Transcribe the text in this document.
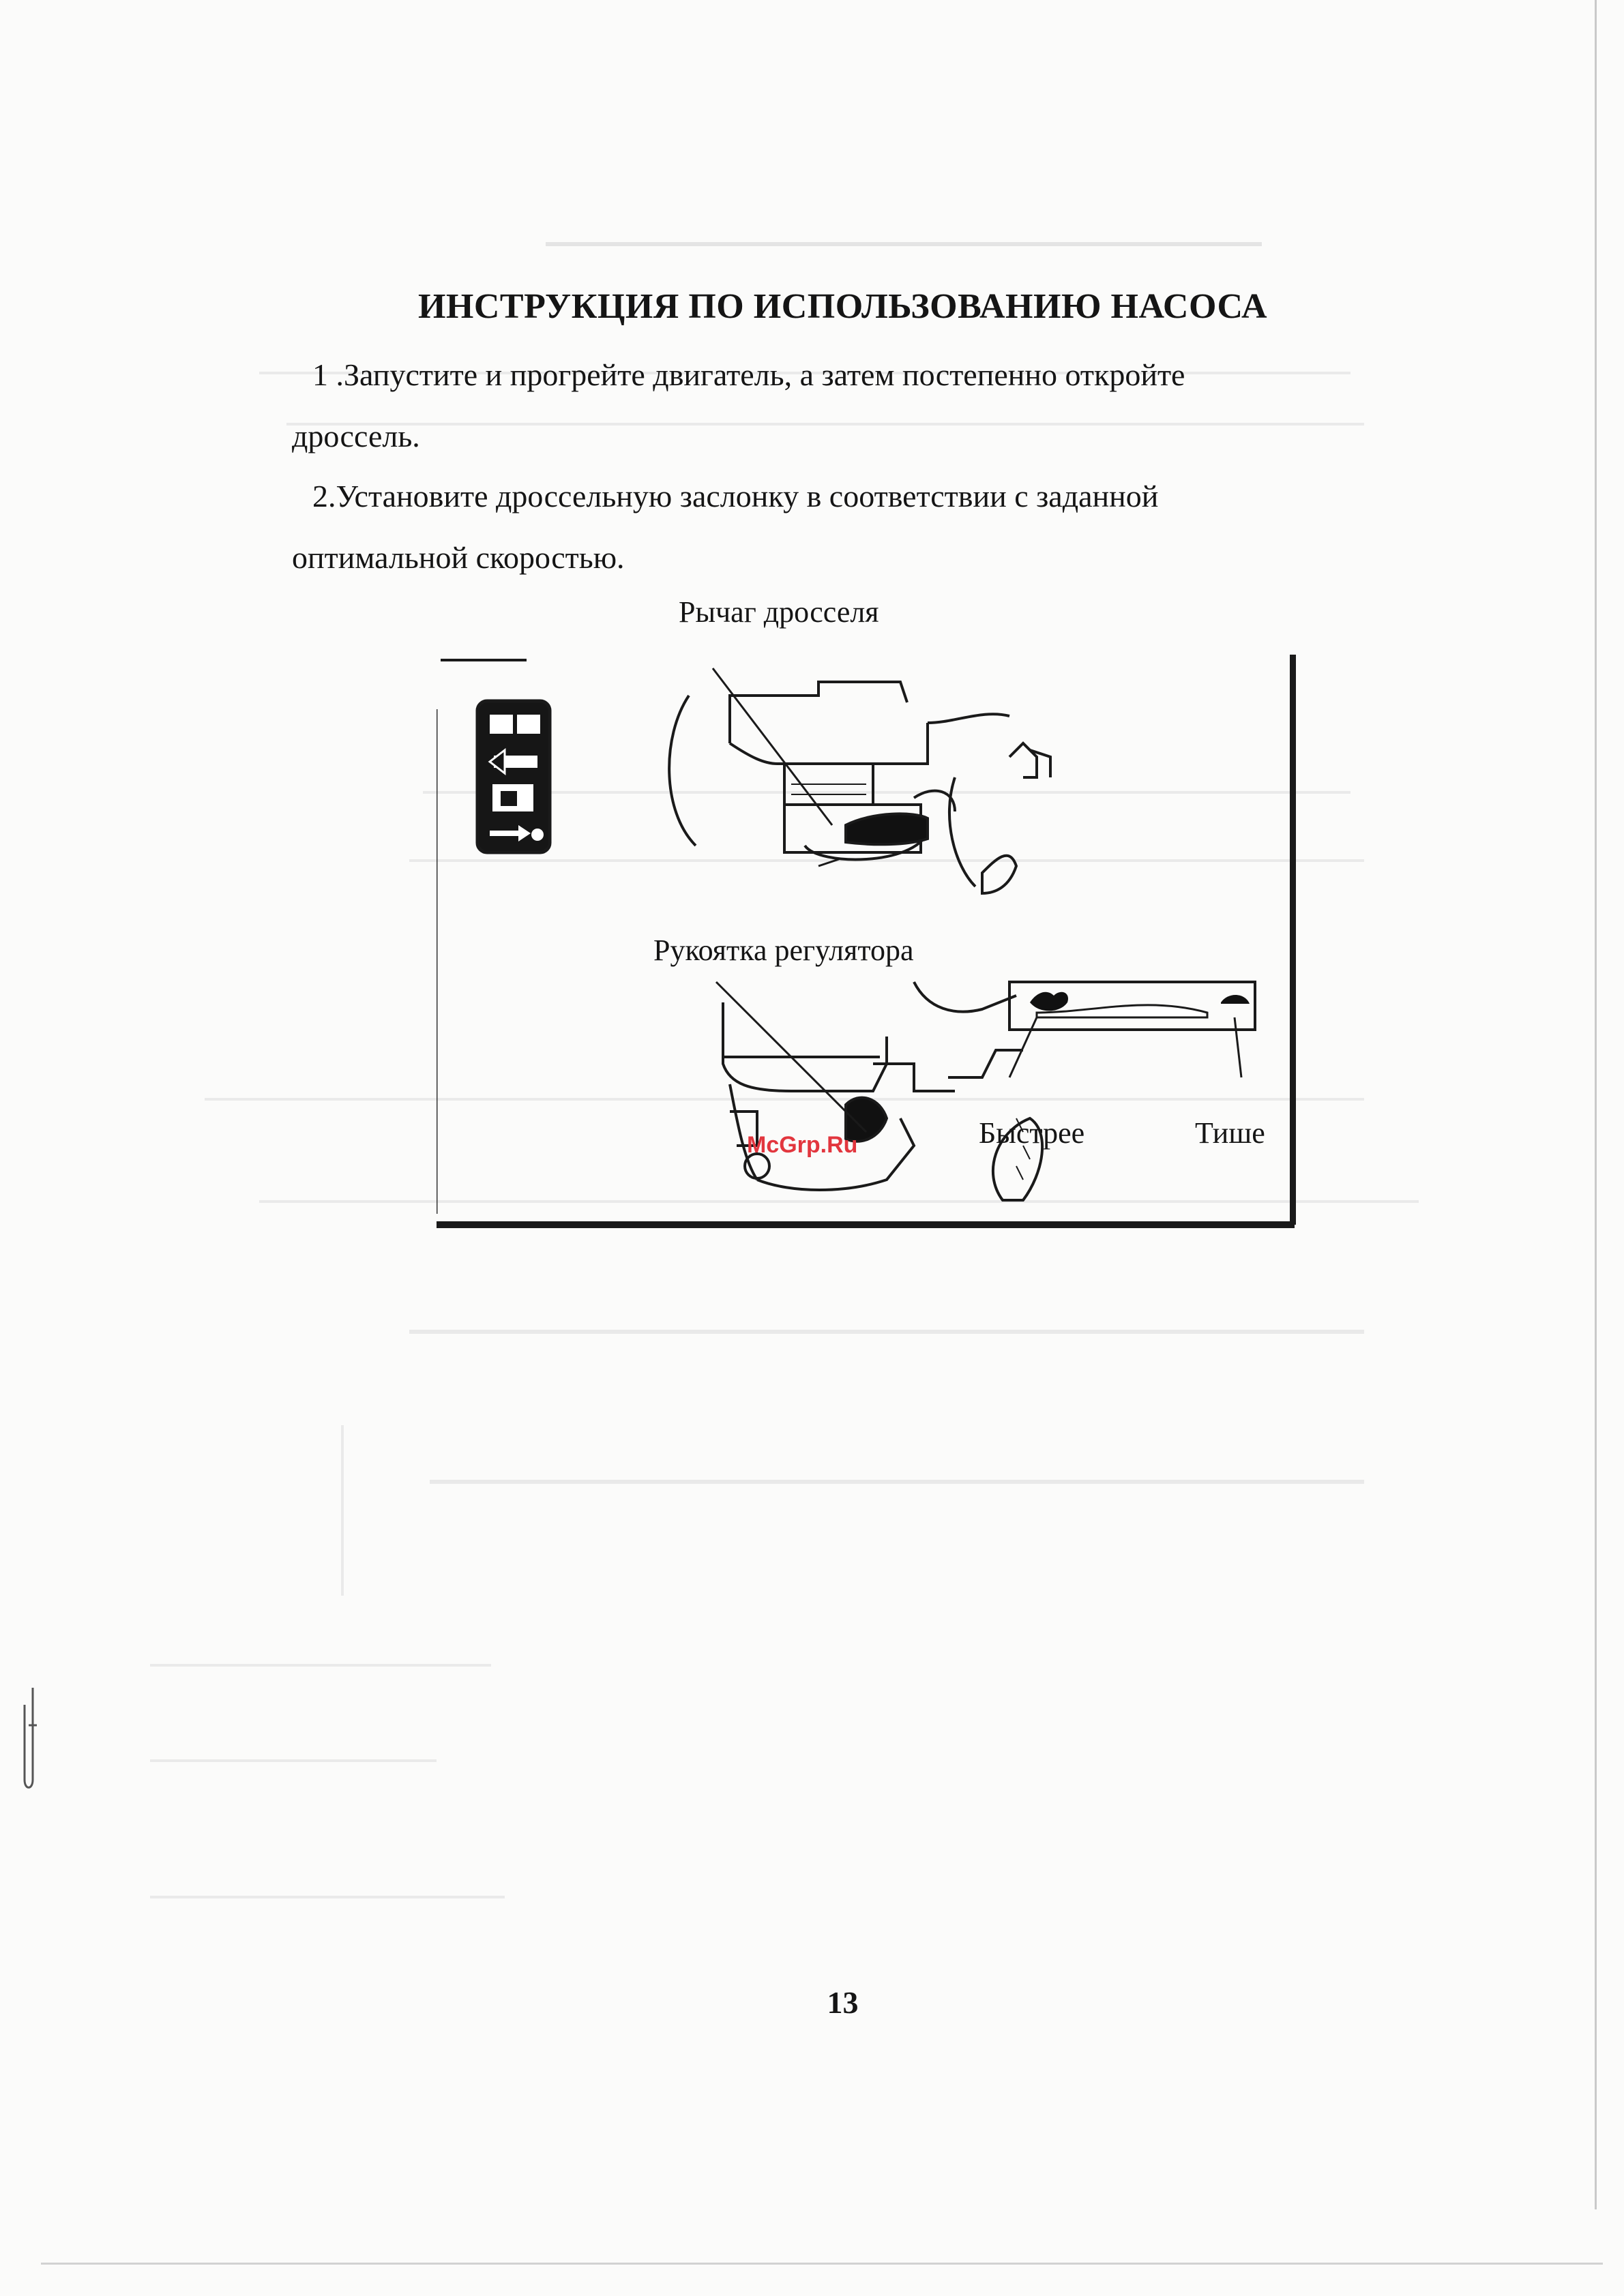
ИНСТРУКЦИЯ ПО ИСПОЛЬЗОВАНИЮ НАСОСА
1 .Запустите и прогрейте двигатель, а затем постепенно откройте
дроссель.
2.Установите дроссельную заслонку в соответствии с заданной
оптимальной скоростью.
Рычаг дросселя
Рукоятка регулятора
Быстрее	Тише
McGrp.Ru
13
